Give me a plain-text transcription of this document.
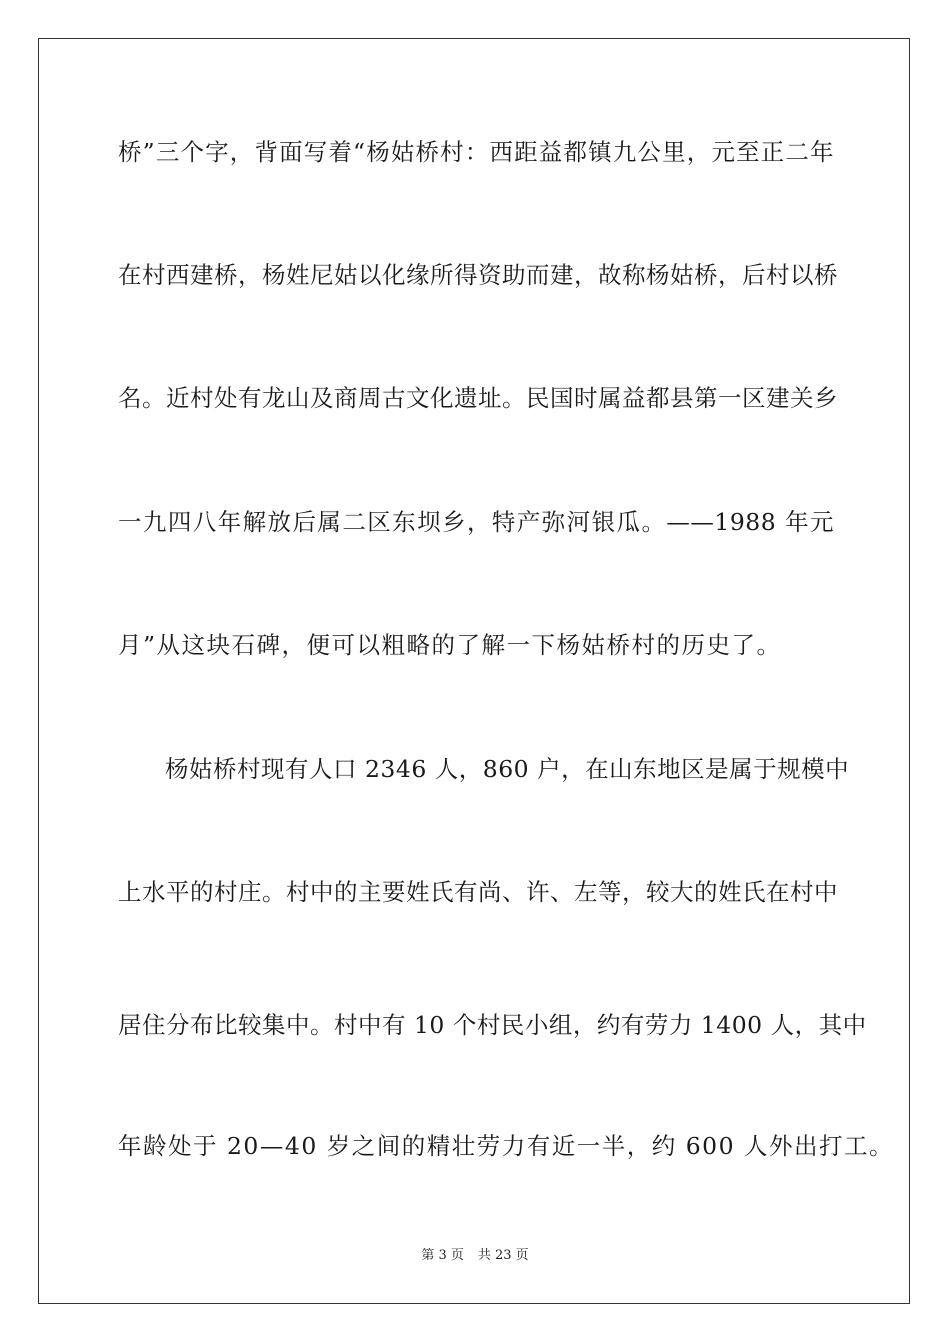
桥”三个字，背面写着“杨姑桥村：西距益都镇九公里，元至正二年
在村西建桥，杨姓尼姑以化缘所得资助而建，故称杨姑桥，后村以桥
名。近村处有龙山及商周古文化遗址。民国时属益都县第一区建关乡
一九四八年解放后属二区东坝乡，特产弥河银瓜。——1988 年元
月”从这块石碑，便可以粗略的了解一下杨姑桥村的历史了。
杨姑桥村现有人口 2346 人，860 户，在山东地区是属于规模中
上水平的村庄。村中的主要姓氏有尚、许、左等，较大的姓氏在村中
居住分布比较集中。村中有 10 个村民小组，约有劳力 1400 人，其中
年龄处于 20—40 岁之间的精壮劳力有近一半，约 600 人外出打工。
第 3 页 共 23 页
